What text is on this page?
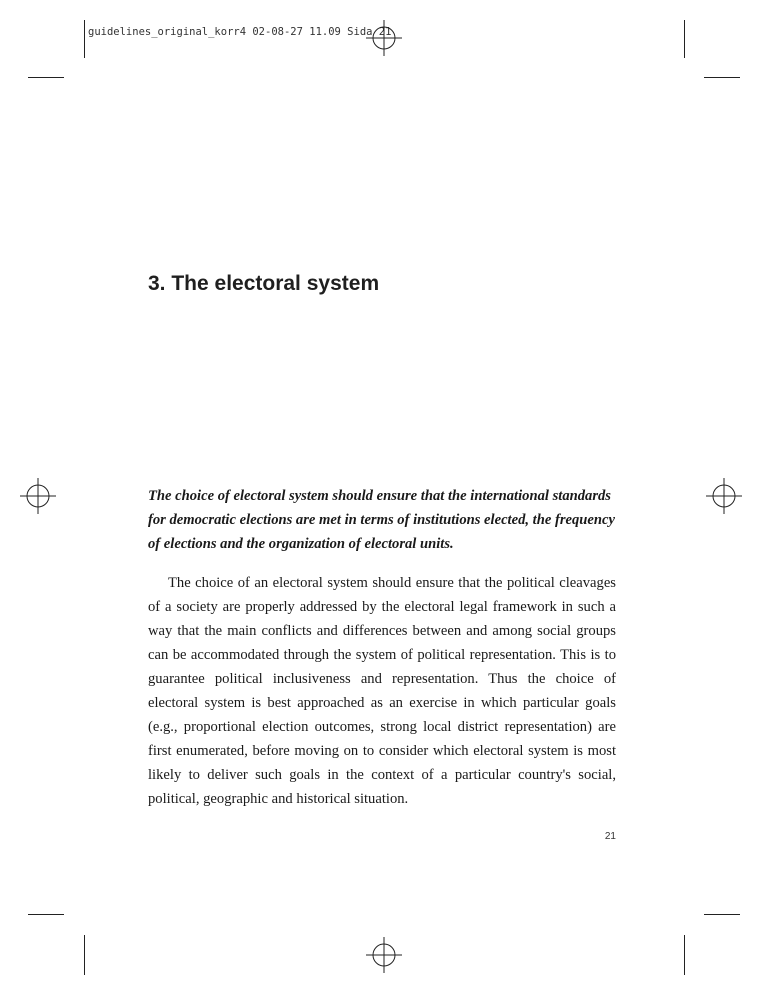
guidelines_original_korr4 02-08-27 11.09 Sida 21
3. The electoral system

The choice of electoral system should ensure that the international standards for democratic elections are met in terms of institutions elected, the frequency of elections and the organization of electoral units.

The choice of an electoral system should ensure that the political cleavages of a society are properly addressed by the electoral legal framework in such a way that the main conflicts and differences between and among social groups can be accommodated through the system of political representation. This is to guarantee political inclusiveness and representation. Thus the choice of electoral system is best approached as an exercise in which particular goals (e.g., proportional election outcomes, strong local district representation) are first enumerated, before moving on to consider which electoral system is most likely to deliver such goals in the context of a particular country's social, political, geographic and historical situation.

21
